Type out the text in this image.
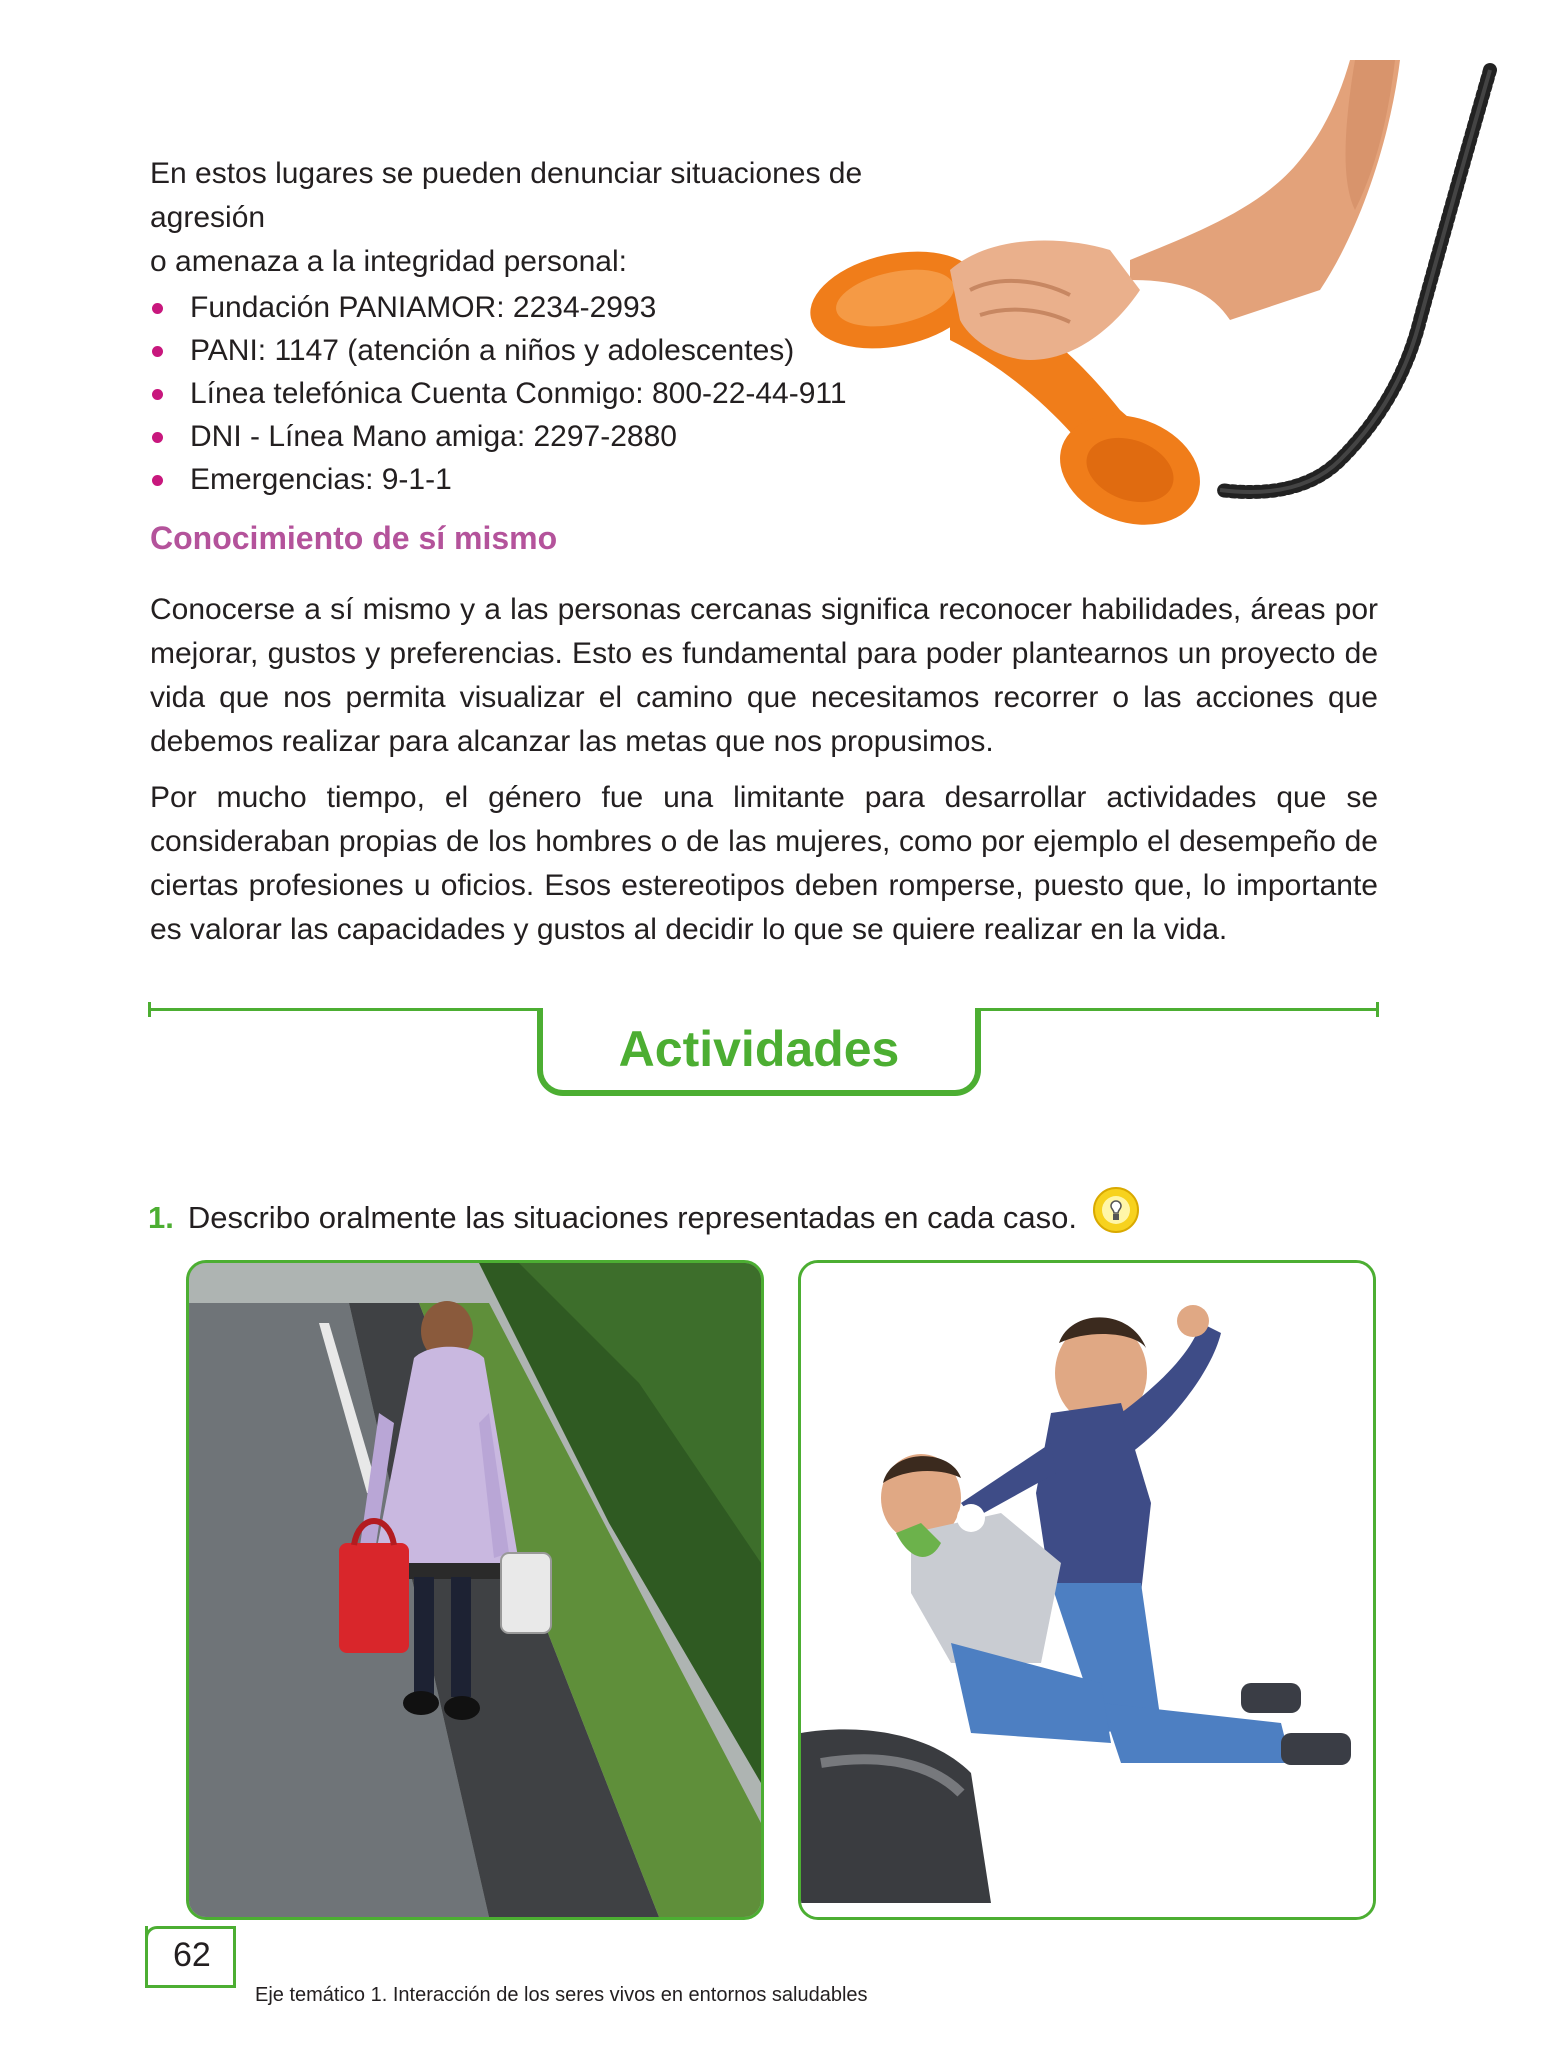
En estos lugares se pueden denunciar situaciones de agresión
o amenaza a la integridad personal:
Fundación PANIAMOR: 2234-2993
PANI: 1147 (atención a niños y adolescentes)
Línea telefónica Cuenta Conmigo: 800-22-44-911
DNI - Línea Mano amiga: 2297-2880
Emergencias: 9-1-1
Conocimiento de sí mismo

Conocerse a sí mismo y a las personas cercanas significa reconocer habilidades, áreas por mejorar, gustos y preferencias. Esto es fundamental para poder plantearnos un proyecto de vida que nos permita visualizar el camino que necesitamos recorrer o las acciones que debemos realizar para alcanzar las metas que nos propusimos.

Por mucho tiempo, el género fue una limitante para desarrollar actividades que se consideraban propias de los hombres o de las mujeres, como por ejemplo el desempeño de ciertas profesiones u oficios. Esos estereotipos deben romperse, puesto que, lo importante es valorar las capacidades y gustos al decidir lo que se quiere realizar en la vida.

Actividades
1. Describo oralmente las situaciones representadas en cada caso.
62
Eje temático 1. Interacción de los seres vivos en entornos saludables
